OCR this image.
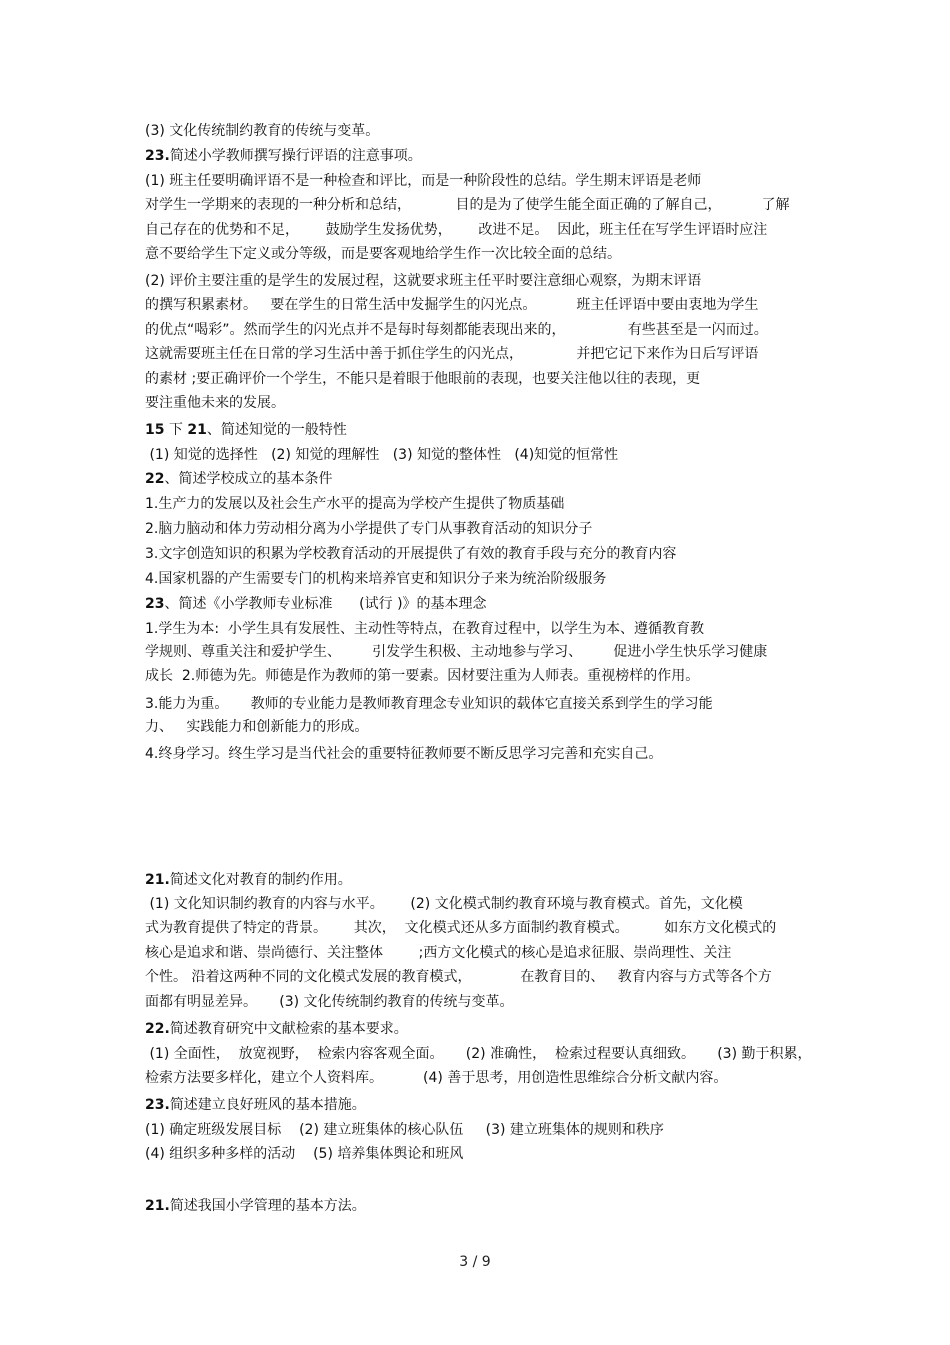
(3) 文化传统制约教育的传统与变革。
23.简述小学教师撰写操行评语的注意事项。
(1) 班主任要明确评语不是一种检查和评比，而是一种阶段性的总结。学生期末评语是老师
对学生一学期来的表现的一种分析和总结，          目的是为了使学生能全面正确的了解自己，         了解
自己存在的优势和不足，      鼓励学生发扬优势，      改进不足。  因此，班主任在写学生评语时应注
意不要给学生下定义或分等级，而是要客观地给学生作一次比较全面的总结。
(2) 评价主要注重的是学生的发展过程，这就要求班主任平时要注意细心观察，为期末评语
的撰写积累素材。   要在学生的日常生活中发掘学生的闪光点。         班主任评语中要由衷地为学生
的优点“喝彩”。然而学生的闪光点并不是每时每刻都能表现出来的，              有些甚至是一闪而过。
这就需要班主任在日常的学习生活中善于抓住学生的闪光点，            并把它记下来作为日后写评语
的素材 ;要正确评价一个学生，不能只是着眼于他眼前的表现，也要关注他以往的表现，更
要注重他未来的发展。
15 下 21、简述知觉的一般特性
(1) 知觉的选择性   (2) 知觉的理解性   (3) 知觉的整体性   (4)知觉的恒常性
22、简述学校成立的基本条件
1.生产力的发展以及社会生产水平的提高为学校产生提供了物质基础
2.脑力脑动和体力劳动相分离为小学提供了专门从事教育活动的知识分子
3.文字创造知识的积累为学校教育活动的开展提供了有效的教育手段与充分的教育内容
4.国家机器的产生需要专门的机构来培养官吏和知识分子来为统治阶级服务
23、简述《小学教师专业标准      (试行 )》的基本理念
1.学生为本:  小学生具有发展性、主动性等特点，在教育过程中，以学生为本、遵循教育教
学规则、尊重关注和爱护学生、       引发学生积极、主动地参与学习、       促进小学生快乐学习健康
成长  2.师德为先。师德是作为教师的第一要素。因材要注重为人师表。重视榜样的作用。
3.能力为重。     教师的专业能力是教师教育理念专业知识的载体它直接关系到学生的学习能
力、   实践能力和创新能力的形成。
4.终身学习。终生学习是当代社会的重要特征教师要不断反思学习完善和充实自己。
21.简述文化对教育的制约作用。
(1) 文化知识制约教育的内容与水平。      (2) 文化模式制约教育环境与教育模式。首先，文化模
式为教育提供了特定的背景。      其次，  文化模式还从多方面制约教育模式。        如东方文化模式的
核心是追求和谐、崇尚德行、关注整体        ;西方文化模式的核心是追求征服、崇尚理性、关注
个性。 沿着这两种不同的文化模式发展的教育模式，           在教育目的、   教育内容与方式等各个方
面都有明显差异。     (3) 文化传统制约教育的传统与变革。
22.简述教育研究中文献检索的基本要求。
(1) 全面性，  放宽视野，  检索内容客观全面。     (2) 准确性，  检索过程要认真细致。     (3) 勤于积累，
检索方法要多样化，建立个人资料库。         (4) 善于思考，用创造性思维综合分析文献内容。
23.简述建立良好班风的基本措施。
(1) 确定班级发展目标    (2) 建立班集体的核心队伍     (3) 建立班集体的规则和秩序
(4) 组织多种多样的活动    (5) 培养集体舆论和班风
21.简述我国小学管理的基本方法。
3 / 9
